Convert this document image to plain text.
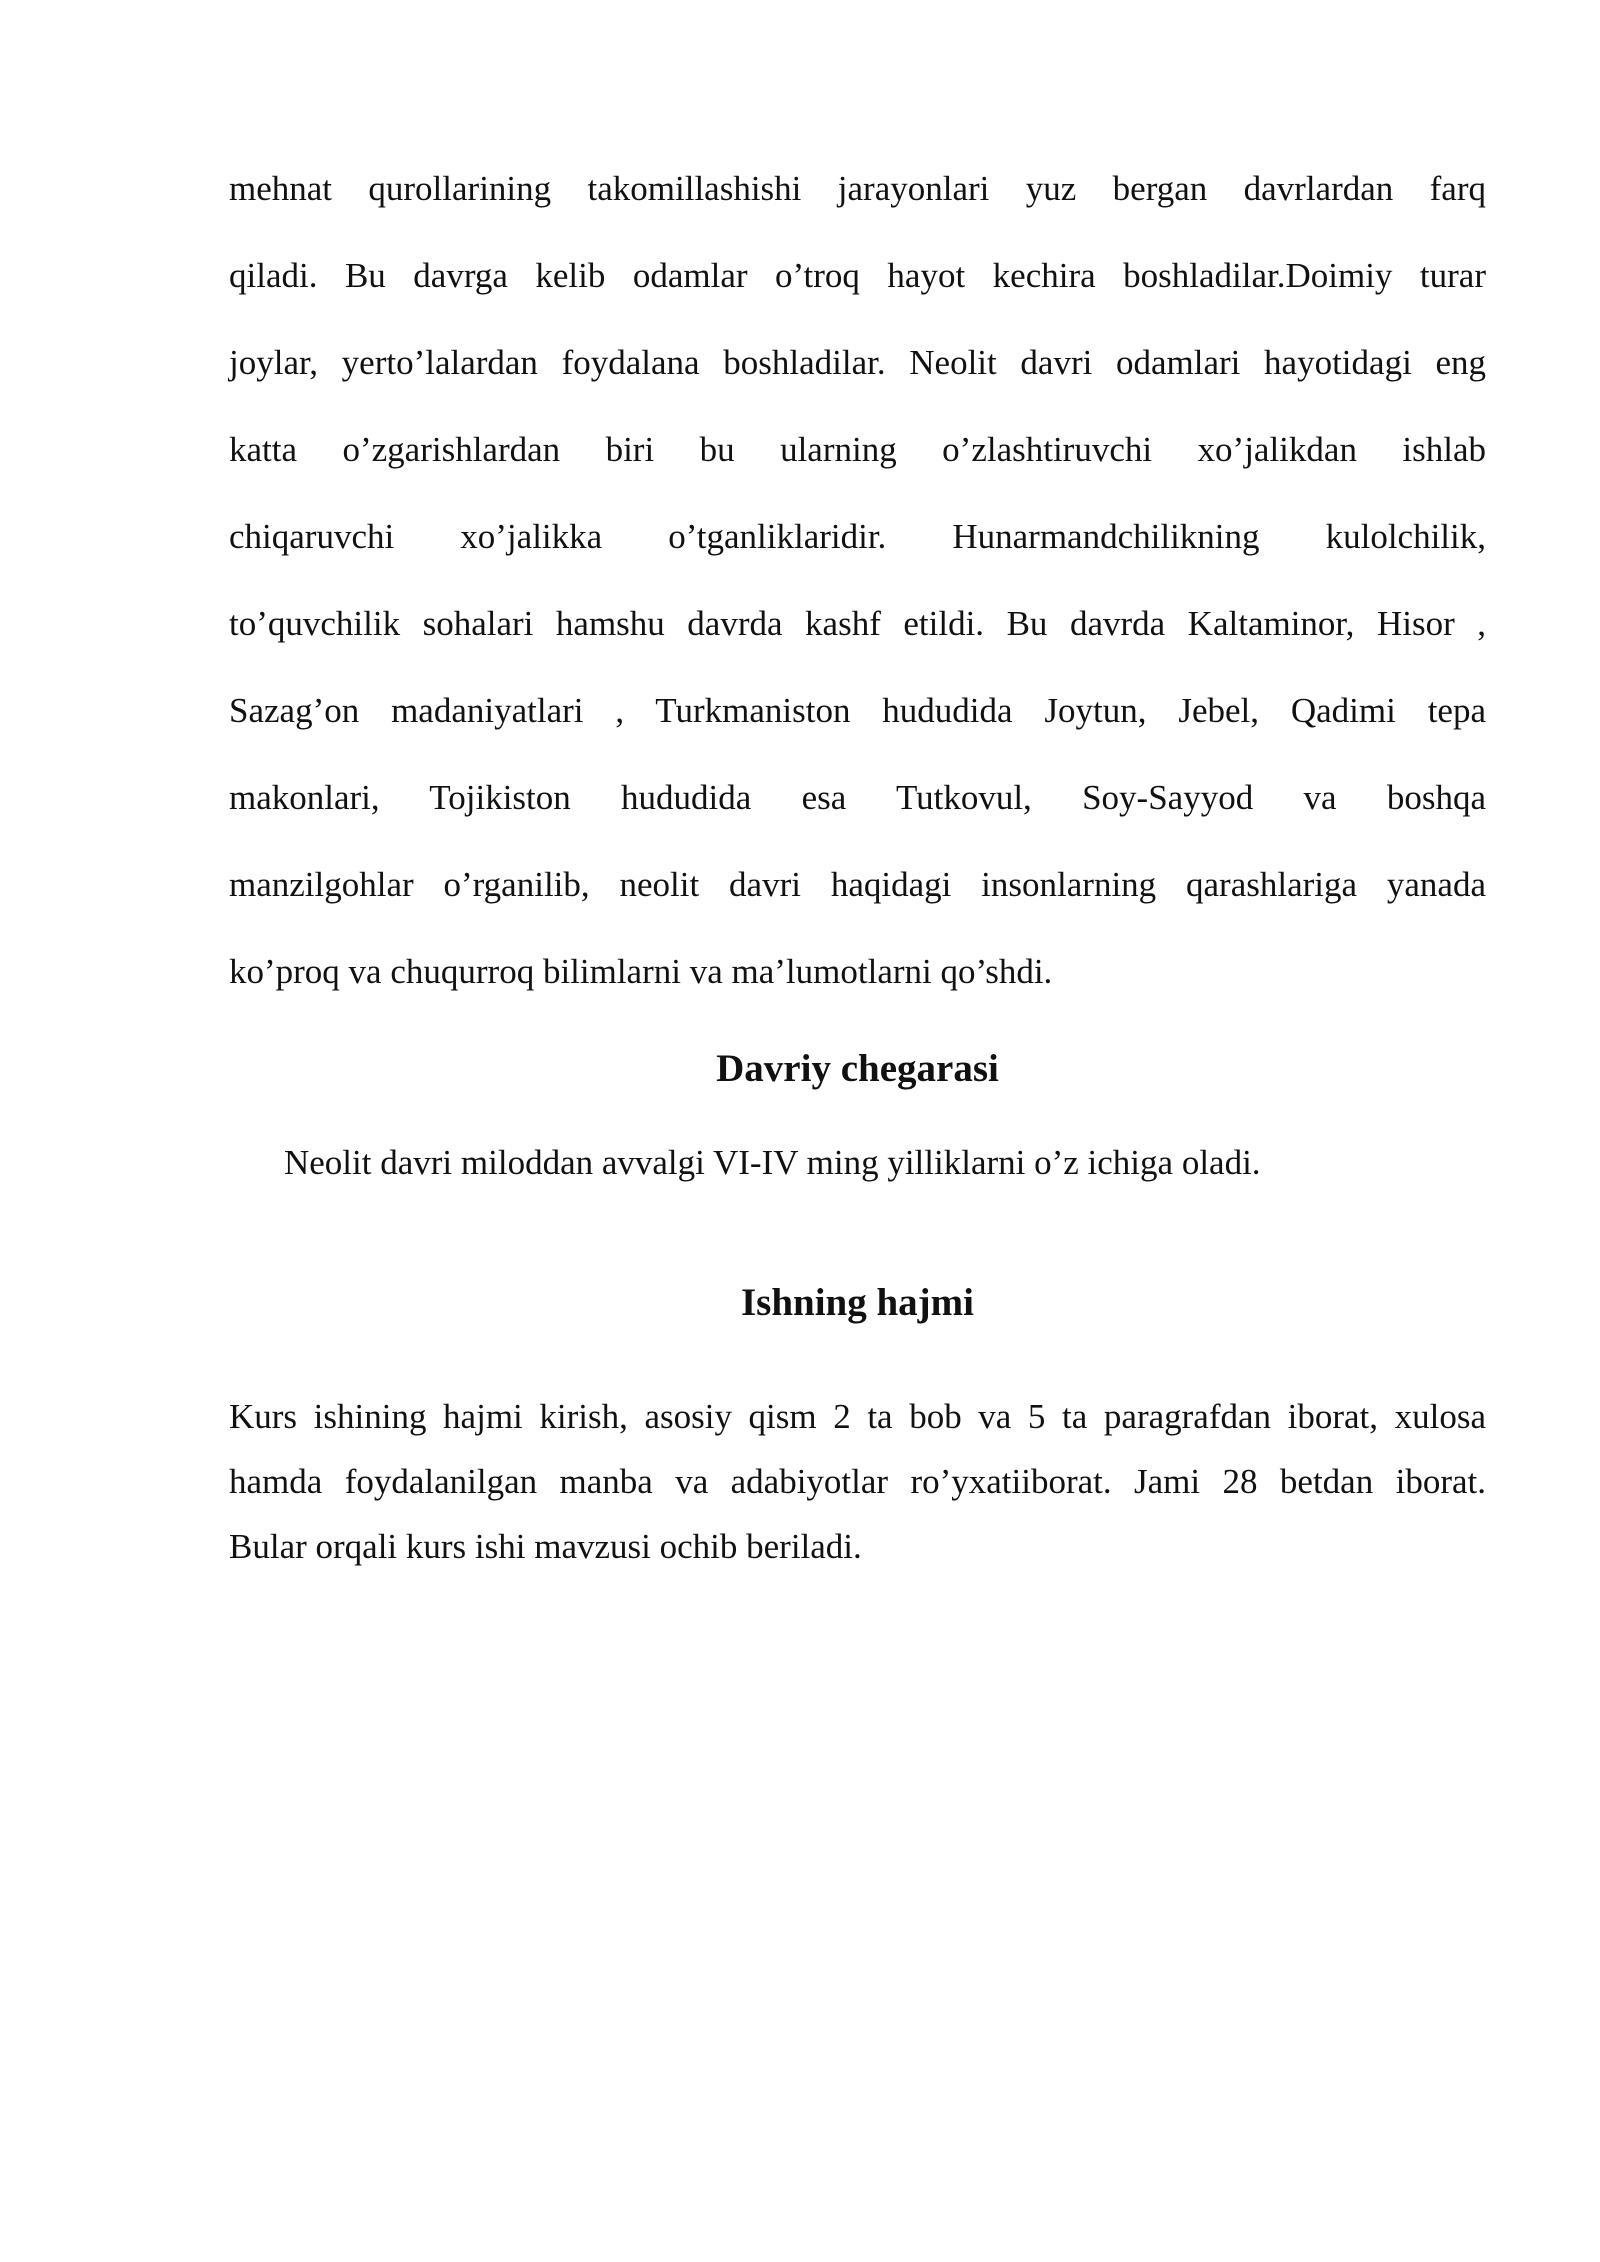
mehnat qurollarining takomillashishi jarayonlari yuz bergan davrlardan farq
qiladi. Bu davrga kelib odamlar o’troq hayot kechira boshladilar.Doimiy turar
joylar, yerto’lalardan foydalana boshladilar. Neolit davri odamlari hayotidagi eng
katta o’zgarishlardan biri bu ularning o’zlashtiruvchi xo’jalikdan ishlab
chiqaruvchi xo’jalikka o’tganliklaridir. Hunarmandchilikning kulolchilik,
to’quvchilik sohalari hamshu davrda kashf etildi. Bu davrda Kaltaminor, Hisor ,
Sazag’on madaniyatlari , Turkmaniston hududida Joytun, Jebel, Qadimi tepa
makonlari, Tojikiston hududida esa Tutkovul, Soy-Sayyod va boshqa
manzilgohlar o’rganilib, neolit davri haqidagi insonlarning qarashlariga yanada
ko’proq va chuqurroq bilimlarni va ma’lumotlarni qo’shdi.
Davriy chegarasi

Neolit davri miloddan avvalgi VI-IV ming yilliklarni o’z ichiga oladi.

Ishning hajmi
Kurs ishining hajmi kirish, asosiy qism 2 ta bob va 5 ta paragrafdan iborat, xulosa
hamda foydalanilgan manba va adabiyotlar ro’yxatiiborat. Jami 28 betdan iborat.
Bular orqali kurs ishi mavzusi ochib beriladi.
